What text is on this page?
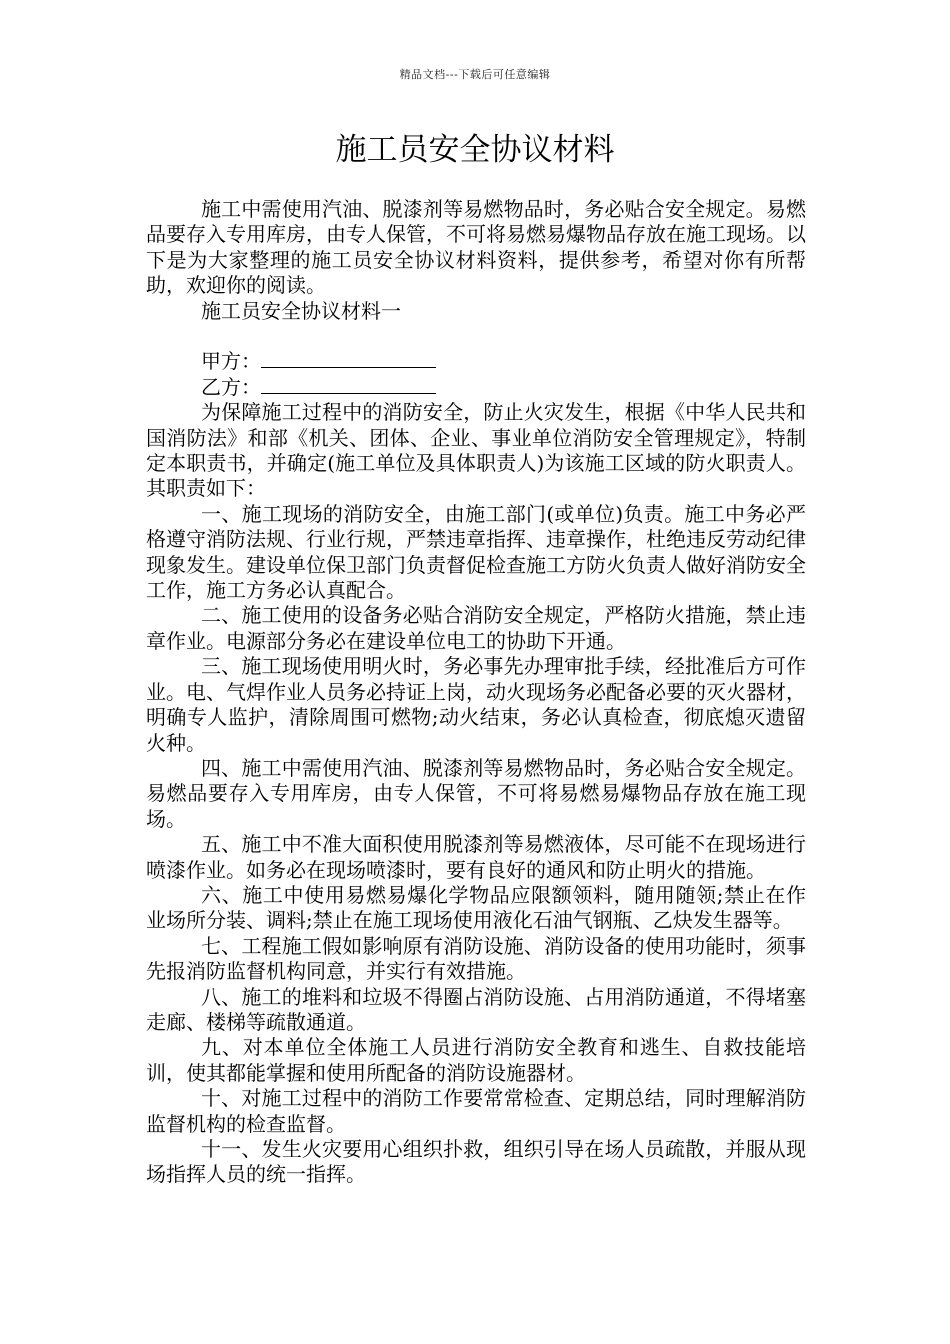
精品文档---下载后可任意编辑
施工员安全协议材料

施工中需使用汽油、脱漆剂等易燃物品时，务必贴合安全规定。易燃品要存入专用库房，由专人保管，不可将易燃易爆物品存放在施工现场。以下是为大家整理的施工员安全协议材料资料，提供参考，希望对你有所帮助，欢迎你的阅读。

施工员安全协议材料一

甲方：

乙方：

为保障施工过程中的消防安全，防止火灾发生，根据《中华人民共和国消防法》和部《机关、团体、企业、事业单位消防安全管理规定》，特制定本职责书，并确定(施工单位及具体职责人)为该施工区域的防火职责人。其职责如下：

一、施工现场的消防安全，由施工部门(或单位)负责。施工中务必严格遵守消防法规、行业行规，严禁违章指挥、违章操作，杜绝违反劳动纪律现象发生。建设单位保卫部门负责督促检查施工方防火负责人做好消防安全工作，施工方务必认真配合。

二、施工使用的设备务必贴合消防安全规定，严格防火措施，禁止违章作业。电源部分务必在建设单位电工的协助下开通。

三、施工现场使用明火时，务必事先办理审批手续，经批准后方可作业。电、气焊作业人员务必持证上岗，动火现场务必配备必要的灭火器材，明确专人监护，清除周围可燃物;动火结束，务必认真检查，彻底熄灭遗留火种。

四、施工中需使用汽油、脱漆剂等易燃物品时，务必贴合安全规定。易燃品要存入专用库房，由专人保管，不可将易燃易爆物品存放在施工现场。

五、施工中不准大面积使用脱漆剂等易燃液体，尽可能不在现场进行喷漆作业。如务必在现场喷漆时，要有良好的通风和防止明火的措施。

六、施工中使用易燃易爆化学物品应限额领料，随用随领;禁止在作业场所分装、调料;禁止在施工现场使用液化石油气钢瓶、乙炔发生器等。

七、工程施工假如影响原有消防设施、消防设备的使用功能时，须事先报消防监督机构同意，并实行有效措施。

八、施工的堆料和垃圾不得圈占消防设施、占用消防通道，不得堵塞走廊、楼梯等疏散通道。

九、对本单位全体施工人员进行消防安全教育和逃生、自救技能培训，使其都能掌握和使用所配备的消防设施器材。

十、对施工过程中的消防工作要常常检查、定期总结，同时理解消防监督机构的检查监督。

十一、发生火灾要用心组织扑救，组织引导在场人员疏散，并服从现场指挥人员的统一指挥。
